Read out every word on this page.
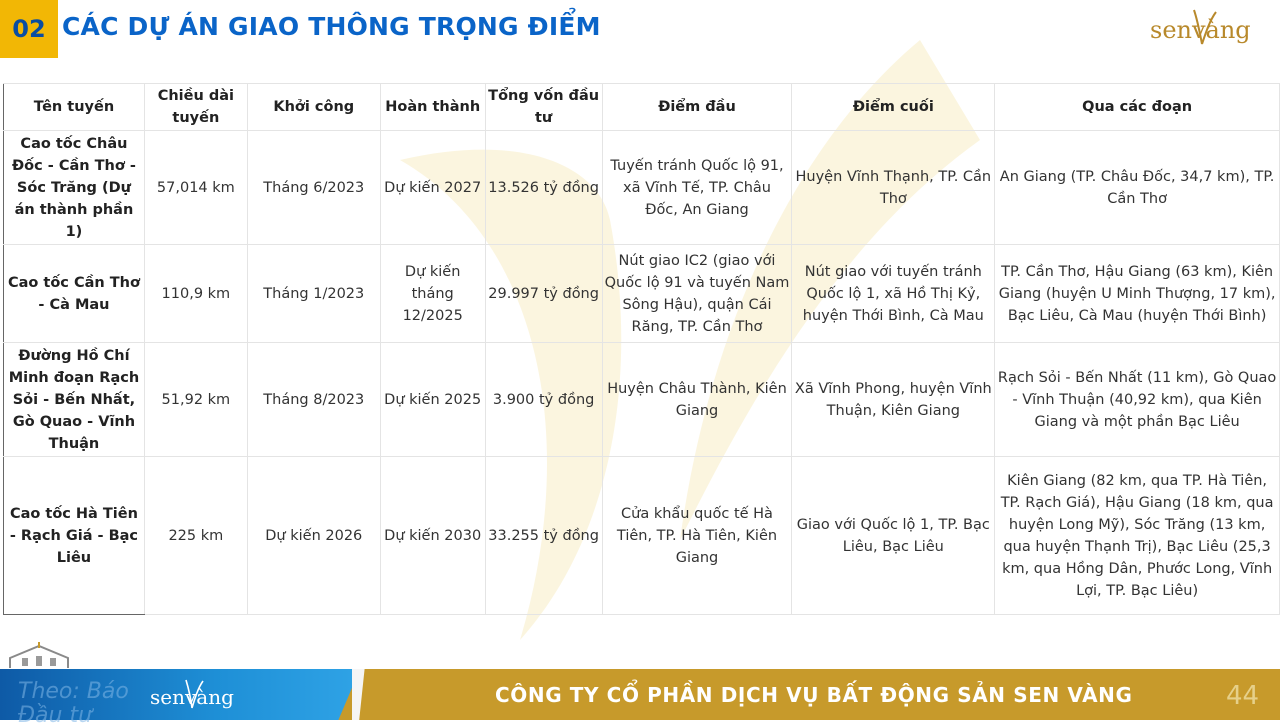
02 CÁC DỰ ÁN GIAO THÔNG TRỌNG ĐIỂM	senvàng
Tên tuyến	Chiều dài tuyến	Khởi công	Hoàn thành	Tổng vốn đầu tư	Điểm đầu	Điểm cuối	Qua các đoạn
Cao tốc Châu Đốc - Cần Thơ - Sóc Trăng (Dự án thành phần 1)	57,014 km	Tháng 6/2023	Dự kiến 2027	13.526 tỷ đồng	Tuyến tránh Quốc lộ 91, xã Vĩnh Tế, TP. Châu Đốc, An Giang	Huyện Vĩnh Thạnh, TP. Cần Thơ	An Giang (TP. Châu Đốc, 34,7 km), TP. Cần Thơ
Cao tốc Cần Thơ - Cà Mau	110,9 km	Tháng 1/2023	Dự kiến tháng 12/2025	29.997 tỷ đồng	Nút giao IC2 (giao với Quốc lộ 91 và tuyến Nam Sông Hậu), quận Cái Răng, TP. Cần Thơ	Nút giao với tuyến tránh Quốc lộ 1, xã Hồ Thị Kỷ, huyện Thới Bình, Cà Mau	TP. Cần Thơ, Hậu Giang (63 km), Kiên Giang (huyện U Minh Thượng, 17 km), Bạc Liêu, Cà Mau (huyện Thới Bình)
Đường Hồ Chí Minh đoạn Rạch Sỏi - Bến Nhất, Gò Quao - Vĩnh Thuận	51,92 km	Tháng 8/2023	Dự kiến 2025	3.900 tỷ đồng	Huyện Châu Thành, Kiên Giang	Xã Vĩnh Phong, huyện Vĩnh Thuận, Kiên Giang	Rạch Sỏi - Bến Nhất (11 km), Gò Quao - Vĩnh Thuận (40,92 km), qua Kiên Giang và một phần Bạc Liêu
Cao tốc Hà Tiên - Rạch Giá - Bạc Liêu	225 km	Dự kiến 2026	Dự kiến 2030	33.255 tỷ đồng	Cửa khẩu quốc tế Hà Tiên, TP. Hà Tiên, Kiên Giang	Giao với Quốc lộ 1, TP. Bạc Liêu, Bạc Liêu	Kiên Giang (82 km, qua TP. Hà Tiên, TP. Rạch Giá), Hậu Giang (18 km, qua huyện Long Mỹ), Sóc Trăng (13 km, qua huyện Thạnh Trị), Bạc Liêu (25,3 km, qua Hồng Dân, Phước Long, Vĩnh Lợi, TP. Bạc Liêu)
CÔNG TY CỔ PHẦN DỊCH VỤ BẤT ĐỘNG SẢN SEN VÀNG	44
Theo: Báo
Đầu tư
senvàng
